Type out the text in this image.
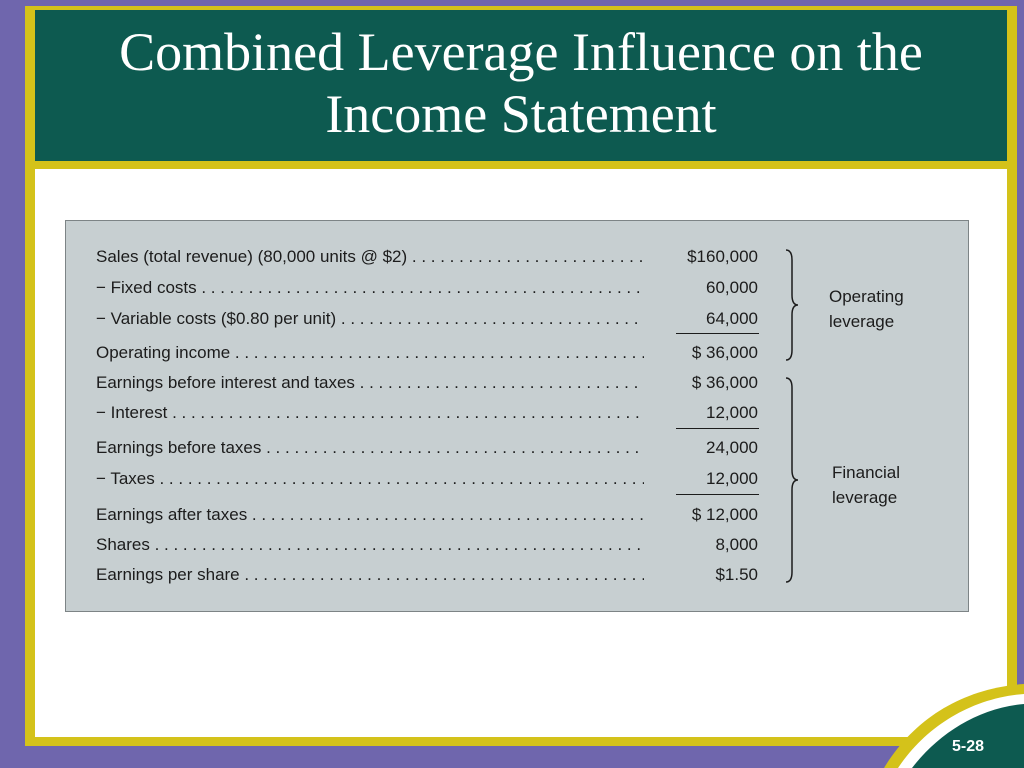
Combined Leverage Influence on the Income Statement
Sales (total revenue) (80,000 units @ $2) . . .	$160,000
− Fixed costs . . .	60,000
− Variable costs ($0.80 per unit) . . .	64,000
Operating income . . .	$ 36,000
Earnings before interest and taxes . . .	$ 36,000
− Interest . . .	12,000
Earnings before taxes . . .	24,000
− Taxes . . .	12,000
Earnings after taxes . . .	$ 12,000
Shares . . .	8,000
Earnings per share . . .	$1.50
Operating
leverage
Financial
leverage
5-28
